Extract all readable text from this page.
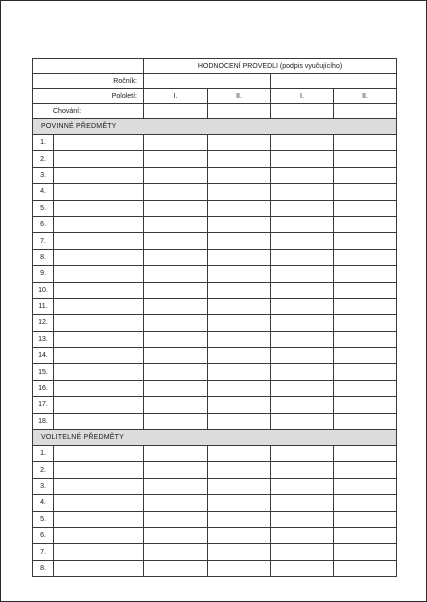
		HODNOCENÍ PROVEDLI (podpis vyučujícího)			
Ročník:					
Pololetí:		I.	II.	I.	II.
Chování:					
POVINNÉ PŘEDMĚTY					
1.					
2.					
3.					
4.					
5.					
6.					
7.					
8.					
9.					
10.					
11.					
12.					
13.					
14.					
15.					
16.					
17.					
18.					
VOLITELNÉ PŘEDMĚTY					
1.					
2.					
3.					
4.					
5.					
6.					
7.					
8.					
